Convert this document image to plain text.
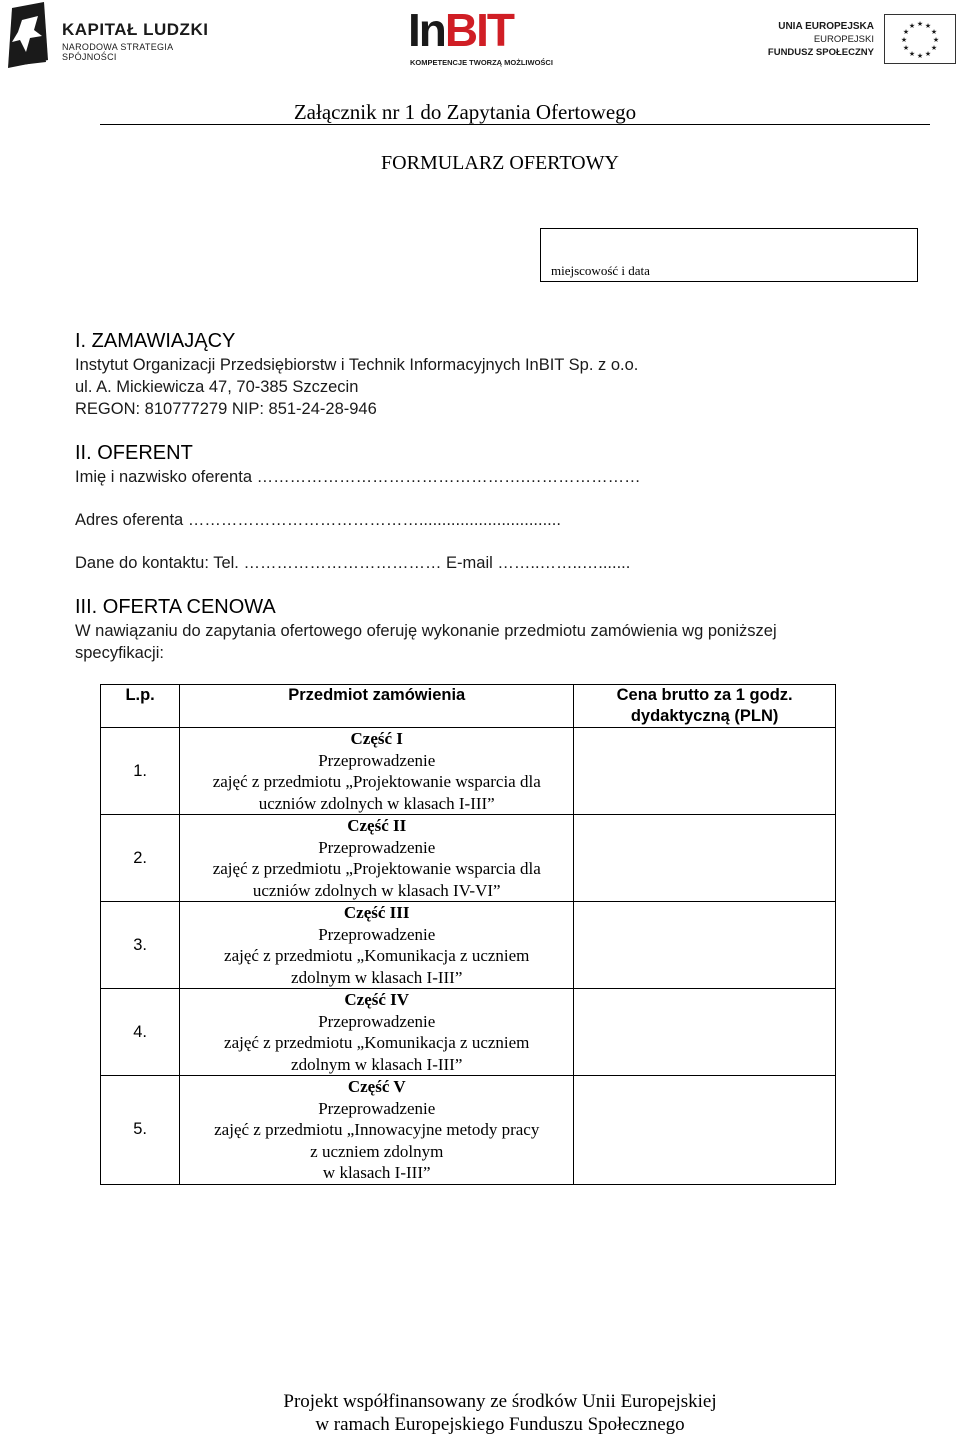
KAPITAŁ LUDZKI
NARODOWA STRATEGIA SPÓJNOŚCI
InBIT
KOMPETENCJE TWORZĄ MOŻLIWOŚCI
UNIA EUROPEJSKA
EUROPEJSKI
FUNDUSZ SPOŁECZNY
★ ★
★
★
★
★
★
★
★
★
★
★
Załącznik nr 1 do Zapytania Ofertowego
FORMULARZ OFERTOWY
miejscowość i data
I. ZAMAWIAJĄCY
Instytut Organizacji Przedsiębiorstw i Technik Informacyjnych InBIT Sp. z o.o.
ul. A. Mickiewicza 47, 70-385 Szczecin
REGON: 810777279 NIP: 851-24-28-946
II. OFERENT
Imię i nazwisko oferenta ………………………………………….…………………
Adres oferenta ……………………………………...............................
Dane do kontaktu: Tel. ……………………………… E-mail ……..……..….......
III. OFERTA CENOWA
W nawiązaniu do zapytania ofertowego oferuję wykonanie przedmiotu zamówienia wg poniższej
specyfikacji:
L.p.	Przedmiot zamówienia	Cena brutto za 1 godz.
dydaktyczną (PLN)

1.	Część I
Przeprowadzenie
zajęć z przedmiotu „Projektowanie wsparcia dla
uczniów zdolnych w klasach I-III”	

2.	Część II
Przeprowadzenie
zajęć z przedmiotu „Projektowanie wsparcia dla
uczniów zdolnych w klasach IV-VI”	

3.	Część III
Przeprowadzenie
zajęć z przedmiotu „Komunikacja z uczniem
zdolnym w klasach I-III”	

4.	Część IV
Przeprowadzenie
zajęć z przedmiotu „Komunikacja z uczniem
zdolnym w klasach I-III”	

5.	Część V
Przeprowadzenie
zajęć z przedmiotu „Innowacyjne metody pracy
z uczniem zdolnym
w klasach I-III”	

Projekt współfinansowany ze środków Unii Europejskiej
w ramach Europejskiego Funduszu Społecznego
